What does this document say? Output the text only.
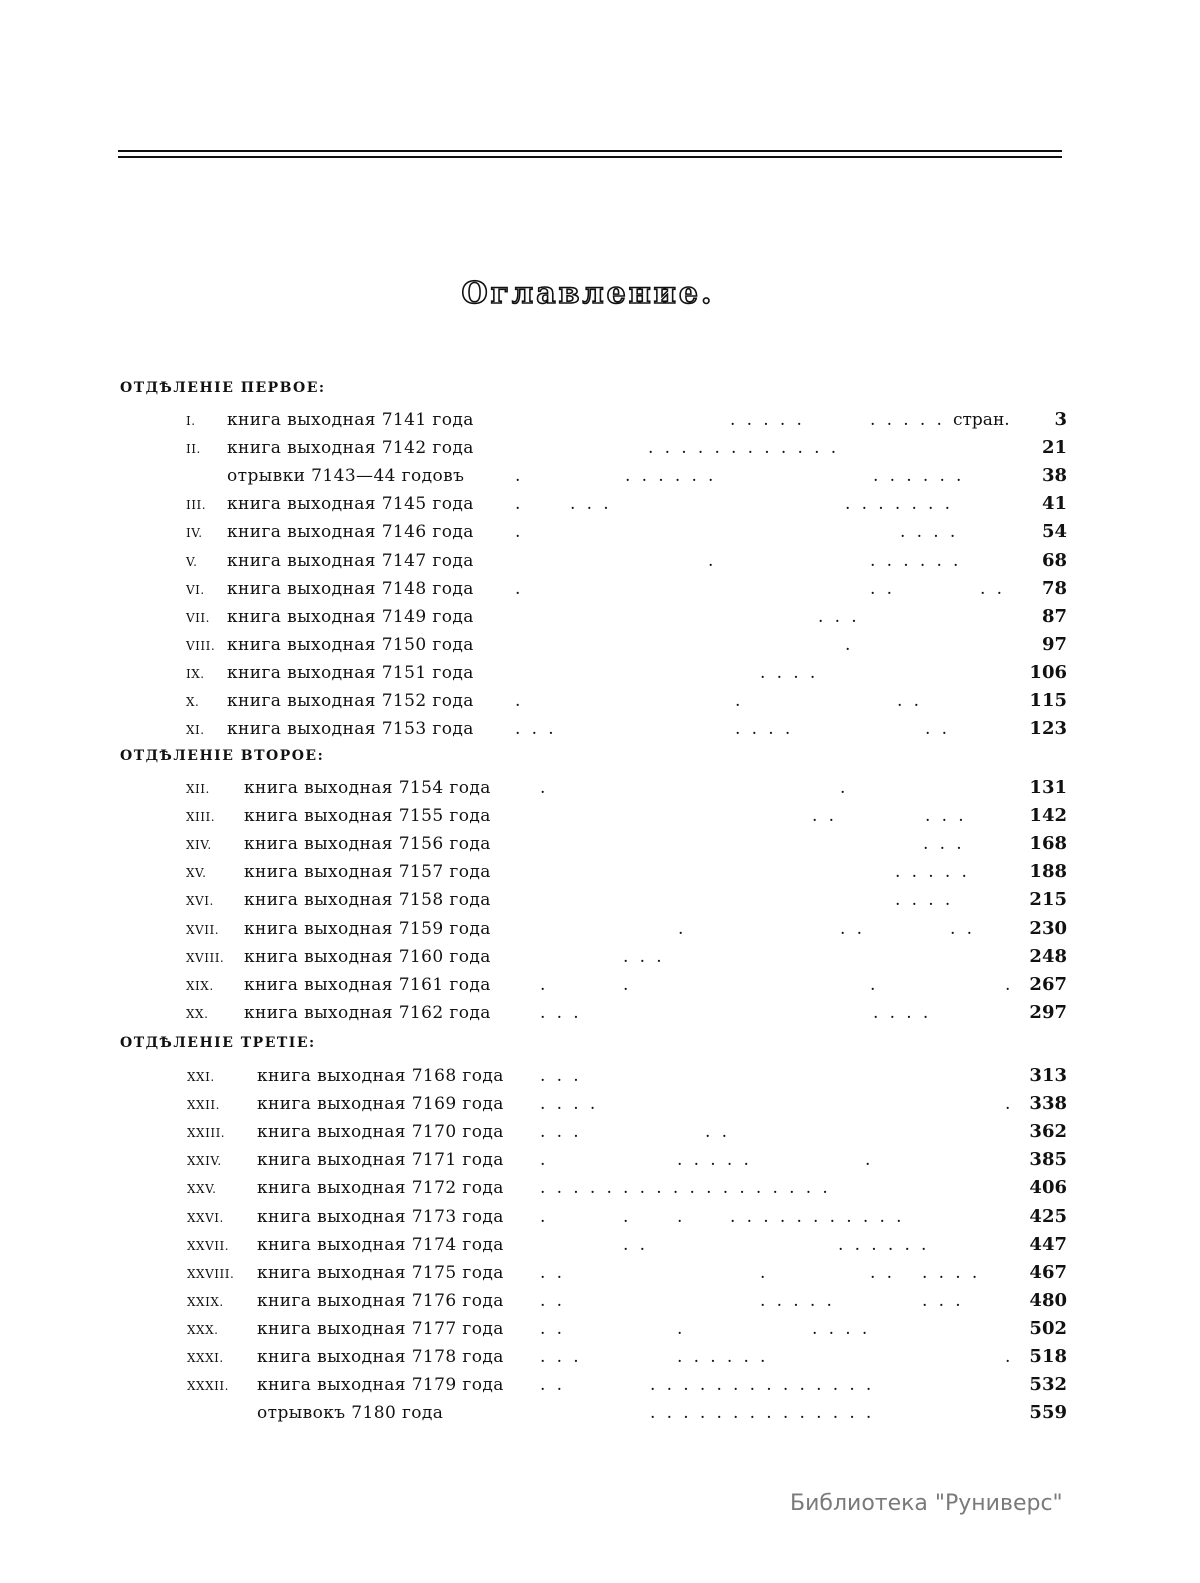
Оглавление.
ОТДѢЛЕНІЕ ПЕРВОЕ:
I. книга выходная 7141 года	.  .  .  .  .	.  .  .  .  . стран. 3
II. книга выходная 7142 года	.  .  .  .  .  .  .  .  .  .  .  .	21
отрывки 7143—44 годовъ	.	.  .  .  .  .  .	.  .  .  .  .  .	38
III. книга выходная 7145 года .	.  .  .	.  .  .  .  .  .  .	41
IV. книга выходная 7146 года .	.  .  .  .	54
V. книга выходная 7147 года	.	.  .  .  .  .  .	68
VI. книга выходная 7148 года .	.  .	.  . 78
VII. книга выходная 7149 года	.  .  .	87
VIII. книга выходная 7150 года	.	97
IX. книга выходная 7151 года	.  .  .  .	106
X. книга выходная 7152 года .	.	.  .	115
XI. книга выходная 7153 года .  .  .	.  .  .  .	.  .	123
ОТДѢЛЕНІЕ ВТОРОЕ:
XII. книга выходная 7154 года	.	.	131
XIII. книга выходная 7155 года	.  .	.  .  .	142
XIV. книга выходная 7156 года	.  .  .	168
XV. книга выходная 7157 года	.  .  .  .  .	188
XVI. книга выходная 7158 года	.  .  .  .	215
XVII. книга выходная 7159 года	.	.  .	.  .	230
XVIII. книга выходная 7160 года	.  .  .	248
XIX. книга выходная 7161 года	.	.	.	. 267
XX. книга выходная 7162 года	.  .  .	.  .  .  .	297
ОТДѢЛЕНІЕ ТРЕТІЕ:
XXI. книга выходная 7168 года .  .  .	313
XXII. книга выходная 7169 года .  .  .  .	. 338
XXIII. книга выходная 7170 года .  .  .	.  .	362
XXIV. книга выходная 7171 года .	.  .  .  .  .	.	385
XXV. книга выходная 7172 года .  .  .  .  .  .  .  .  .  .  .  .  .  .  .  .  .  .	406
XXVI. книга выходная 7173 года .	.	.	.  .  .  .  .  .  .  .  .  .  .	425
XXVII. книга выходная 7174 года	.  .	.  .  .  .  .  .	447
XXVIII. книга выходная 7175 года .  .	.	.  . .  .  .  .	467
XXIX. книга выходная 7176 года .  .	.  .  .  .  .	.  .  .	480
XXX. книга выходная 7177 года .  .	.	.  .  .  .	502
XXXI. книга выходная 7178 года .  .  .	.  .  .  .  .  .	. 518
XXXII. книга выходная 7179 года .  .	.  .  .  .  .  .  .  .  .  .  .  .  .  .	532
отрывокъ 7180 года	.  .  .  .  .  .  .  .  .  .  .  .  .  .	559
Библиотека "Руниверс"
